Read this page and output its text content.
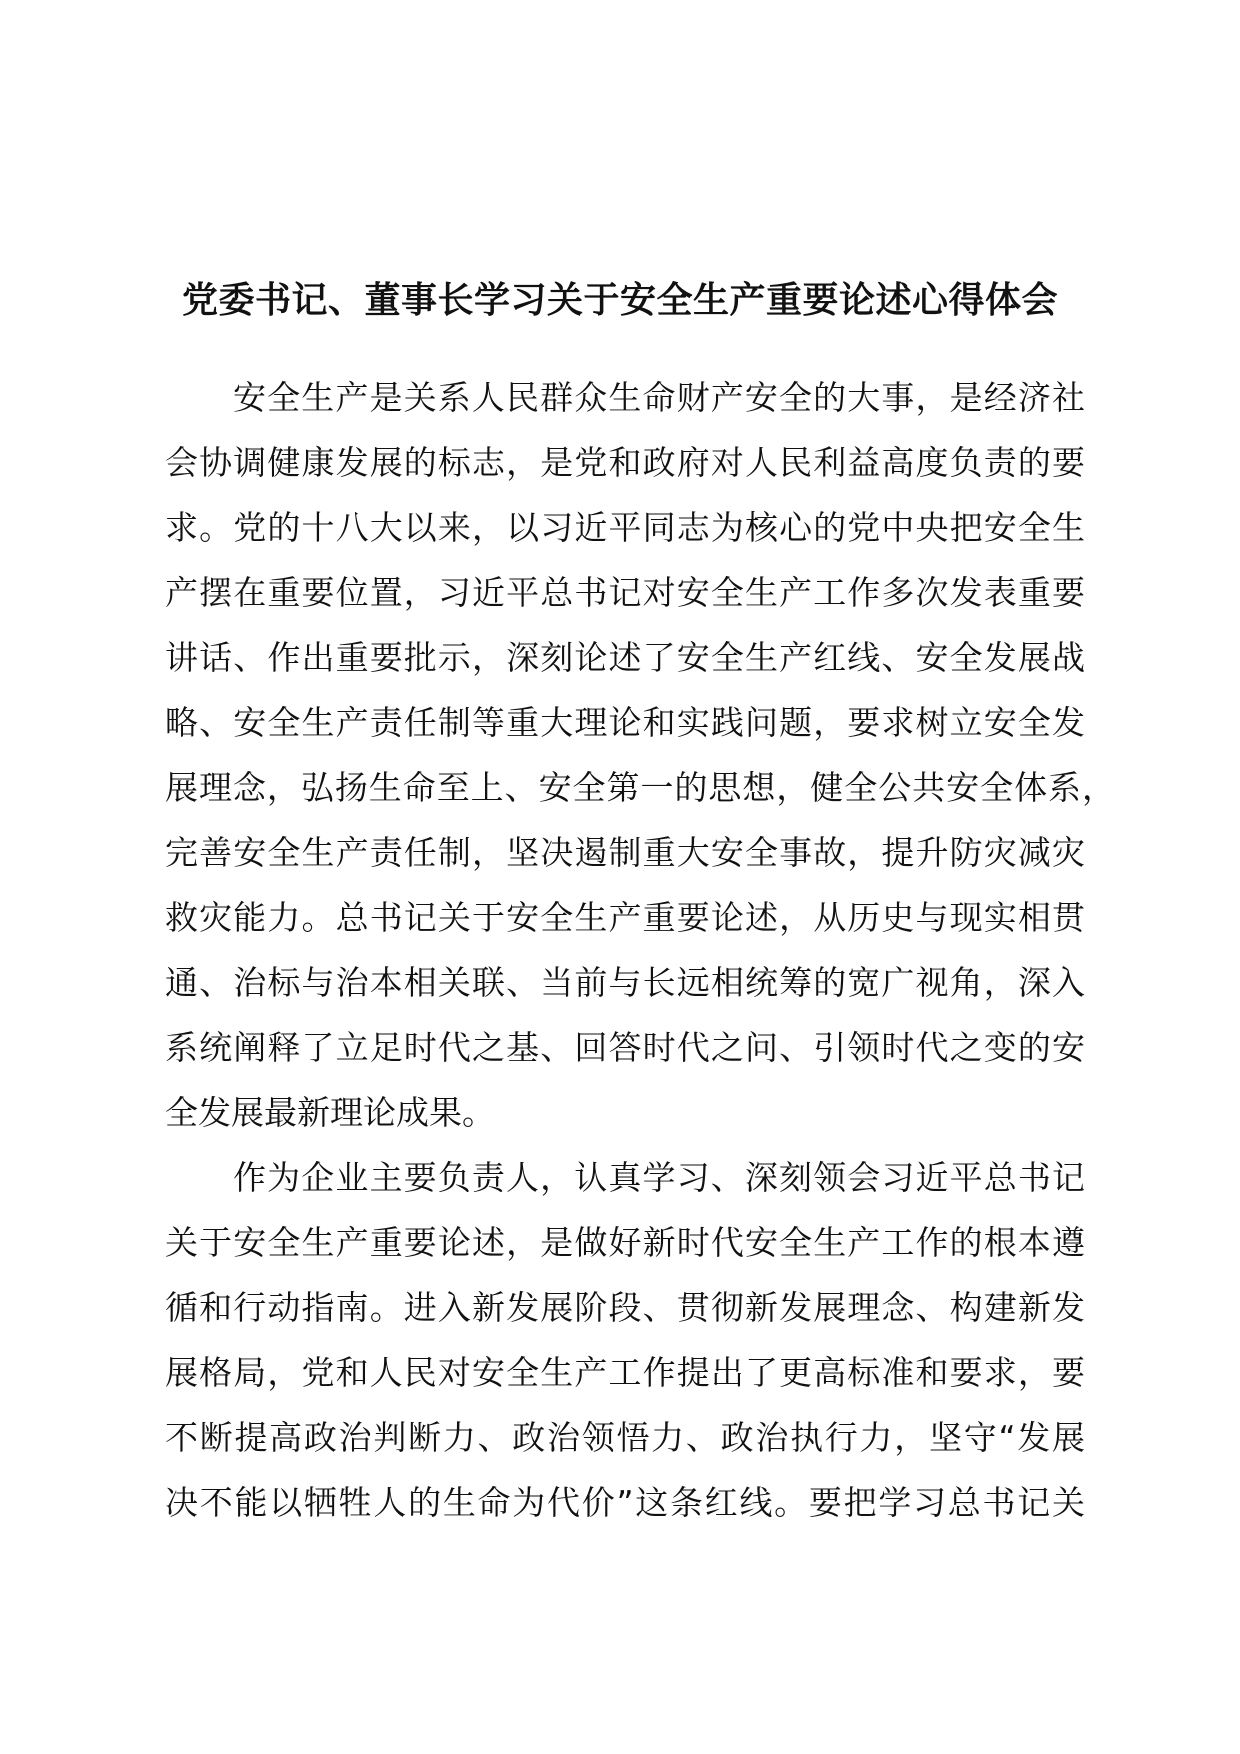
党委书记、董事长学习关于安全生产重要论述心得体会
安全生产是关系人民群众生命财产安全的大事，是经济社
会协调健康发展的标志，是党和政府对人民利益高度负责的要
求。党的十八大以来，以习近平同志为核心的党中央把安全生
产摆在重要位置，习近平总书记对安全生产工作多次发表重要
讲话、作出重要批示，深刻论述了安全生产红线、安全发展战
略、安全生产责任制等重大理论和实践问题，要求树立安全发
展理念，弘扬生命至上、安全第一的思想，健全公共安全体系，
完善安全生产责任制，坚决遏制重大安全事故，提升防灾减灾
救灾能力。总书记关于安全生产重要论述，从历史与现实相贯
通、治标与治本相关联、当前与长远相统筹的宽广视角，深入
系统阐释了立足时代之基、回答时代之问、引领时代之变的安
全发展最新理论成果。
作为企业主要负责人，认真学习、深刻领会习近平总书记
关于安全生产重要论述，是做好新时代安全生产工作的根本遵
循和行动指南。进入新发展阶段、贯彻新发展理念、构建新发
展格局，党和人民对安全生产工作提出了更高标准和要求，要
不断提高政治判断力、政治领悟力、政治执行力，坚守“发展
决不能以牺牲人的生命为代价”这条红线。要把学习总书记关
